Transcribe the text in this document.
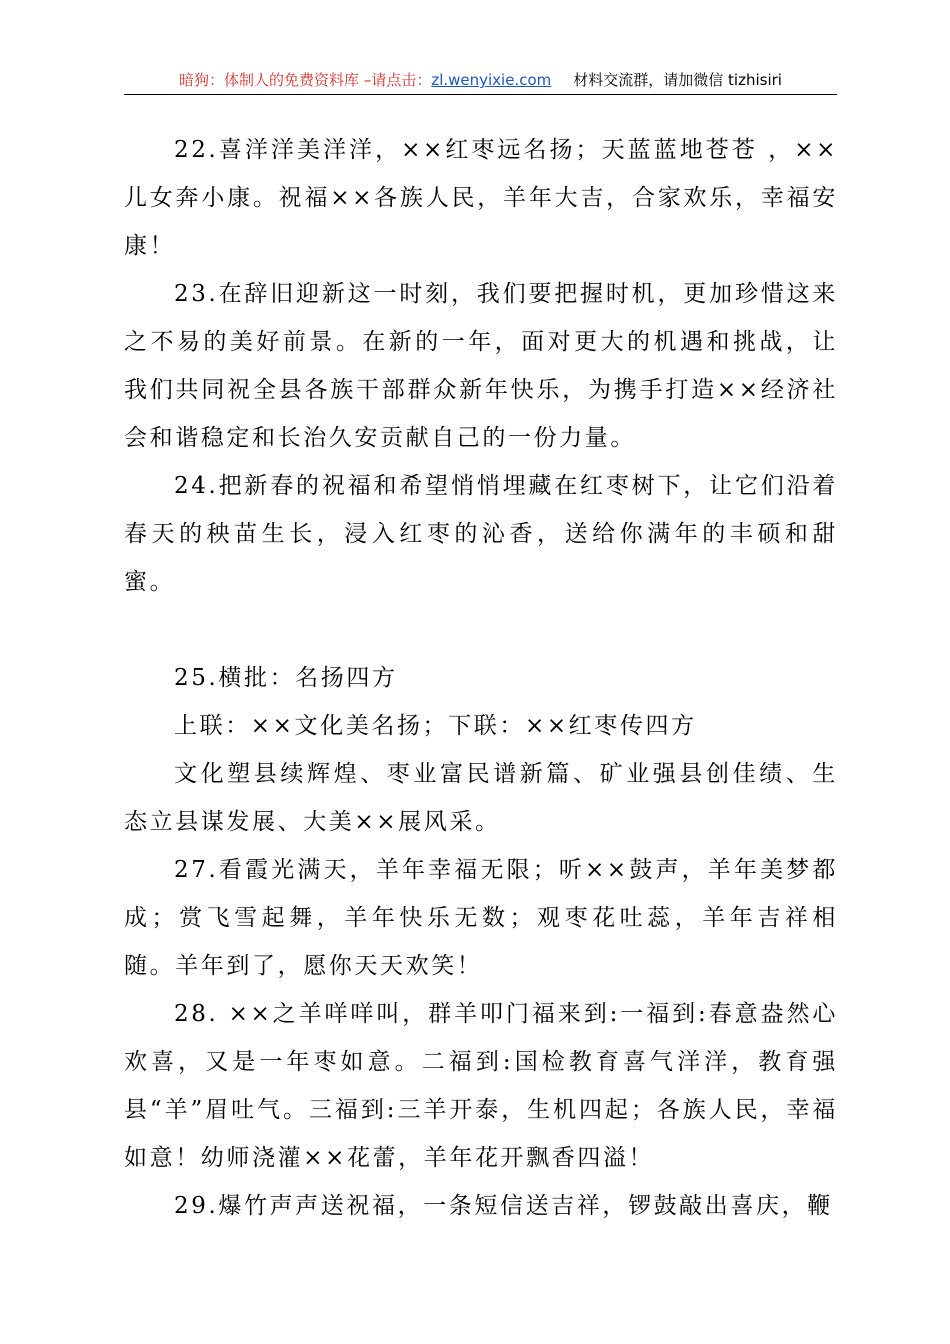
暗狗：体制人的免费资料库 –请点击：zl.wenyixie.com 材料交流群，请加微信 tizhisiri

22.喜洋洋美洋洋，××红枣远名扬；天蓝蓝地苍苍 ，××儿女奔小康。祝福××各族人民，羊年大吉，合家欢乐，幸福安康！

23.在辞旧迎新这一时刻，我们要把握时机，更加珍惜这来之不易的美好前景。在新的一年，面对更大的机遇和挑战，让我们共同祝全县各族干部群众新年快乐，为携手打造××经济社会和谐稳定和长治久安贡献自己的一份力量。

24.把新春的祝福和希望悄悄埋藏在红枣树下，让它们沿着春天的秧苗生长，浸入红枣的沁香，送给你满年的丰硕和甜蜜。

25.横批：名扬四方

上联：××文化美名扬；下联：××红枣传四方

文化塑县续辉煌、枣业富民谱新篇、矿业强县创佳绩、生态立县谋发展、大美××展风采。

27.看霞光满天，羊年幸福无限；听××鼓声，羊年美梦都成；赏飞雪起舞，羊年快乐无数；观枣花吐蕊，羊年吉祥相随。羊年到了，愿你天天欢笑！

28. ××之羊咩咩叫，群羊叩门福来到:一福到:春意盎然心欢喜，又是一年枣如意。二福到:国检教育喜气洋洋，教育强县“羊”眉吐气。三福到:三羊开泰，生机四起；各族人民，幸福如意！幼师浇灌××花蕾，羊年花开飘香四溢！

29.爆竹声声送祝福，一条短信送吉祥，锣鼓敲出喜庆，鞭
